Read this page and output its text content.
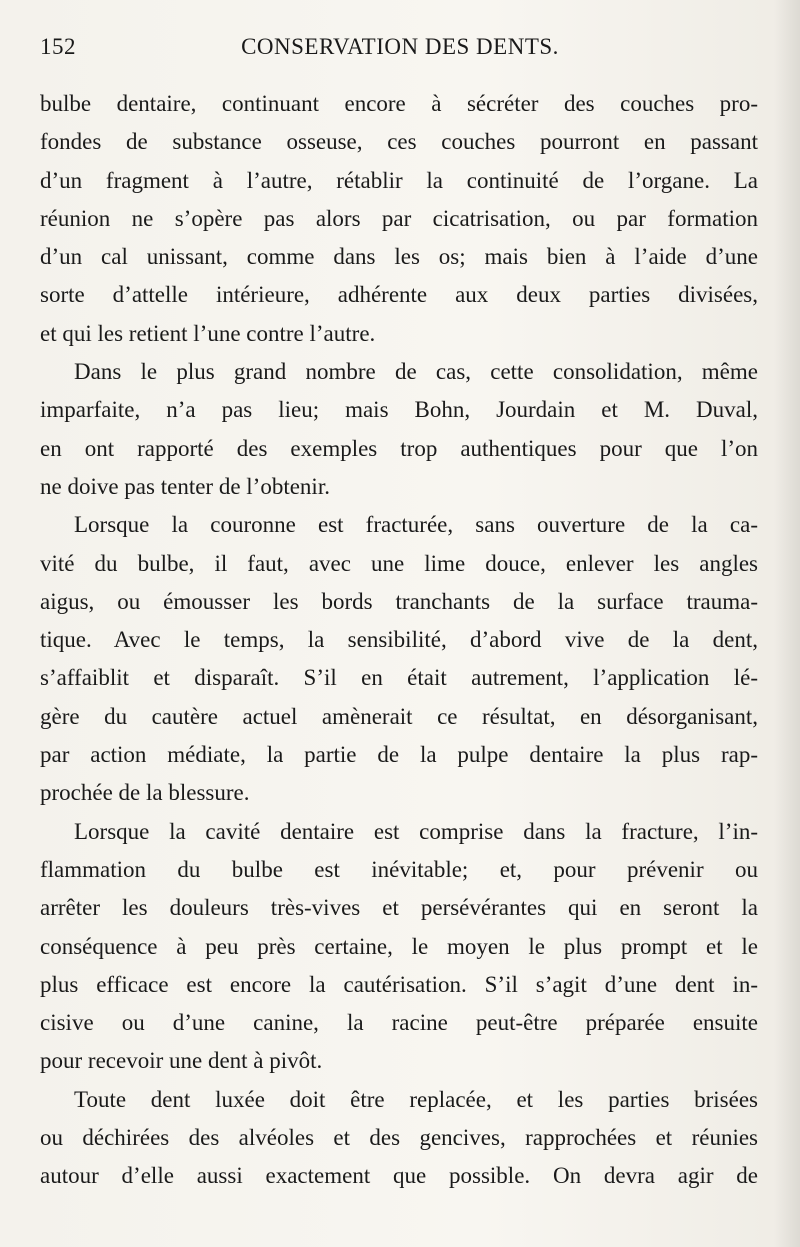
152	CONSERVATION DES DENTS.

bulbe dentaire, continuant encore à sécréter des couches pro-
fondes de substance osseuse, ces couches pourront en passant
d’un fragment à l’autre, rétablir la continuité de l’organe. La
réunion ne s’opère pas alors par cicatrisation, ou par formation
d’un cal unissant, comme dans les os; mais bien à l’aide d’une
sorte d’attelle intérieure, adhérente aux deux parties divisées,
et qui les retient l’une contre l’autre.

Dans le plus grand nombre de cas, cette consolidation, même
imparfaite, n’a pas lieu; mais Bohn, Jourdain et M. Duval,
en ont rapporté des exemples trop authentiques pour que l’on
ne doive pas tenter de l’obtenir.

Lorsque la couronne est fracturée, sans ouverture de la ca-
vité du bulbe, il faut, avec une lime douce, enlever les angles
aigus, ou émousser les bords tranchants de la surface trauma-
tique. Avec le temps, la sensibilité, d’abord vive de la dent,
s’affaiblit et disparaît. S’il en était autrement, l’application lé-
gère du cautère actuel amènerait ce résultat, en désorganisant,
par action médiate, la partie de la pulpe dentaire la plus rap-
prochée de la blessure.

Lorsque la cavité dentaire est comprise dans la fracture, l’in-
flammation du bulbe est inévitable; et, pour prévenir ou
arrêter les douleurs très-vives et persévérantes qui en seront la
conséquence à peu près certaine, le moyen le plus prompt et le
plus efficace est encore la cautérisation. S’il s’agit d’une dent in-
cisive ou d’une canine, la racine peut-être préparée ensuite
pour recevoir une dent à pivôt.

Toute dent luxée doit être replacée, et les parties brisées
ou déchirées des alvéoles et des gencives, rapprochées et réunies
autour d’elle aussi exactement que possible. On devra agir de
